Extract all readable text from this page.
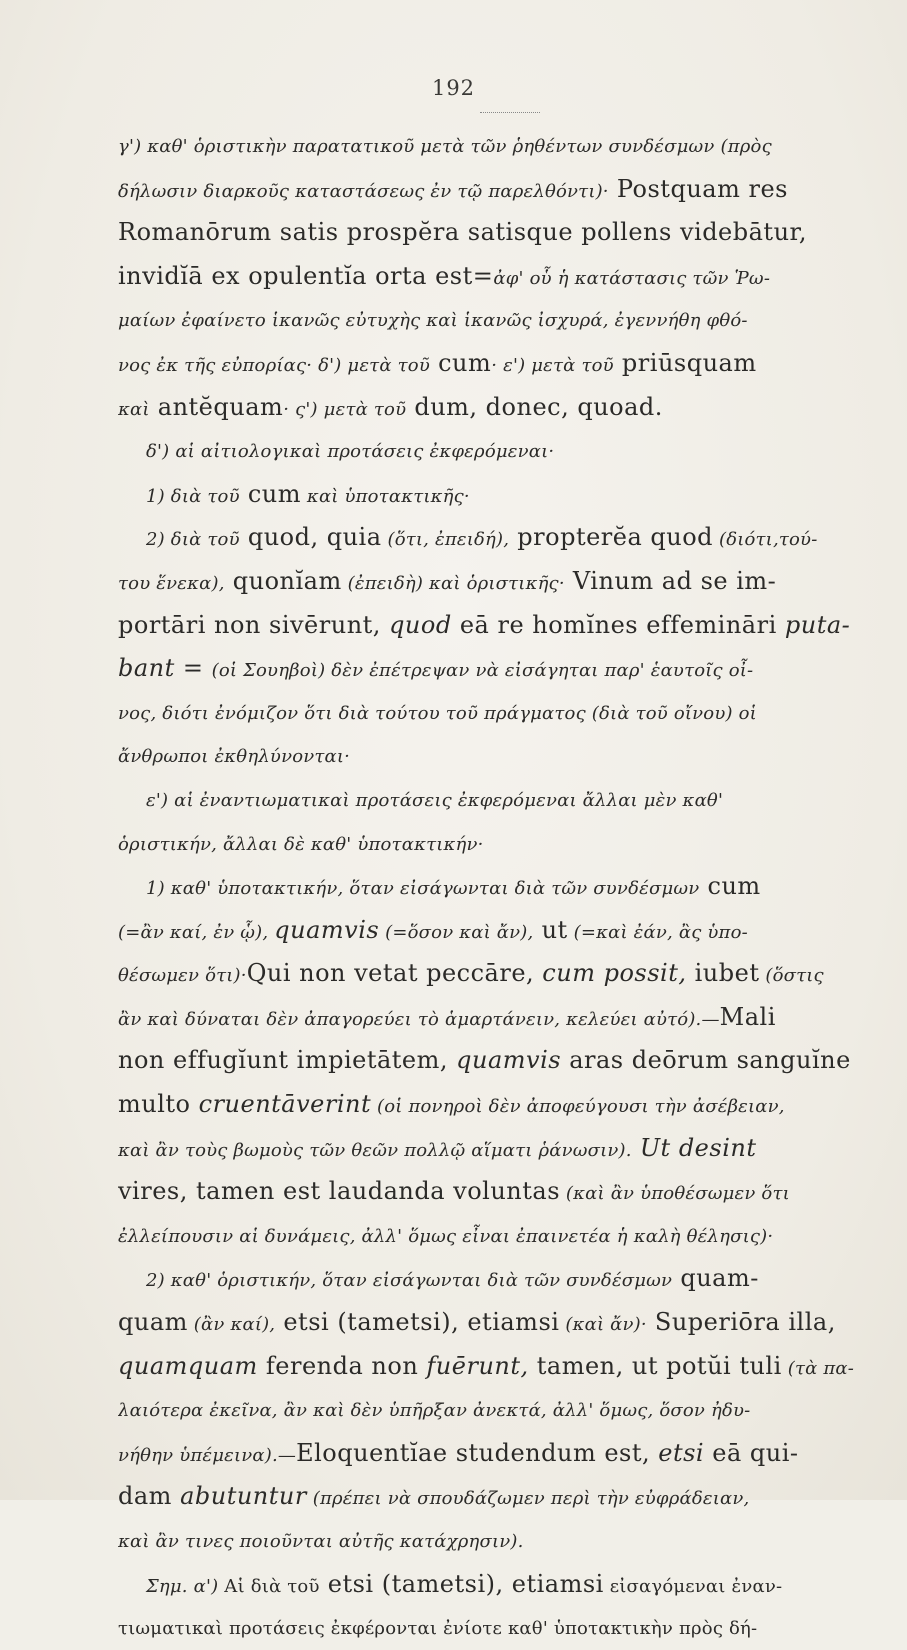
192
γ') καθ' ὁριστικὴν παρατατικοῦ μετὰ τῶν ῥηθέντων συνδέσμων (πρὸς
δήλωσιν διαρκοῦς καταστάσεως ἐν τῷ παρελθόντι)· Postquam res
Romanōrum satis prospĕra satisque pollens videbātur,
invidĭā ex opulentĭa orta est=ἀφ' οὗ ἡ κατάστασις τῶν Ῥω-
μαίων ἐφαίνετο ἱκανῶς εὐτυχὴς καὶ ἱκανῶς ἰσχυρά, ἐγεννήθη φθό-
νος ἐκ τῆς εὐπορίας· δ') μετὰ τοῦ cum· ε') μετὰ τοῦ priūsquam
καὶ antĕquam· ς') μετὰ τοῦ dum, donec, quoad.
δ') αἱ αἰτιολογικαὶ προτάσεις ἐκφερόμεναι·
1) διὰ τοῦ cum καὶ ὑποτακτικῆς·
2) διὰ τοῦ quod, quia (ὅτι, ἐπειδή), propterĕa quod (διότι,τού-
του ἕνεκα), quonĭam (ἐπειδὴ) καὶ ὁριστικῆς· Vinum ad se im-
portāri non sivērunt, quod eā re homĭnes effemināri puta-
bant = (οἱ Σουηβοὶ) δὲν ἐπέτρεψαν νὰ εἰσάγηται παρ' ἑαυτοῖς οἶ-
νος, διότι ἐνόμιζον ὅτι διὰ τούτου τοῦ πράγματος (διὰ τοῦ οἴνου) οἱ
ἄνθρωποι ἐκθηλύνονται·
ε') αἱ ἐναντιωματικαὶ προτάσεις ἐκφερόμεναι ἄλλαι μὲν καθ'
ὁριστικήν, ἄλλαι δὲ καθ' ὑποτακτικήν·
1) καθ' ὑποτακτικήν, ὅταν εἰσάγωνται διὰ τῶν συνδέσμων cum
(=ἂν καί, ἐν ᾧ), quamvis (=ὅσον καὶ ἄν), ut (=καὶ ἐάν, ἂς ὑπο-
θέσωμεν ὅτι)·Qui non vetat peccāre, cum possit, iubet (ὅστις
ἂν καὶ δύναται δὲν ἀπαγορεύει τὸ ἁμαρτάνειν, κελεύει αὐτό).—Mali
non effugĭunt impietātem, quamvis aras deōrum sanguĭne
multo cruentāverint (οἱ πονηροὶ δὲν ἀποφεύγουσι τὴν ἀσέβειαν,
καὶ ἂν τοὺς βωμοὺς τῶν θεῶν πολλῷ αἵματι ῥάνωσιν). Ut desint
vires, tamen est laudanda voluntas (καὶ ἂν ὑποθέσωμεν ὅτι
ἐλλείπουσιν αἱ δυνάμεις, ἀλλ' ὅμως εἶναι ἐπαινετέα ἡ καλὴ θέλησις)·
2) καθ' ὁριστικήν, ὅταν εἰσάγωνται διὰ τῶν συνδέσμων quam-
quam (ἂν καί), etsi (tametsi), etiamsi (καὶ ἄν)· Superiōra illa,
quamquam ferenda non fuērunt, tamen, ut potŭi tuli (τὰ πα-
λαιότερα ἐκεῖνα, ἂν καὶ δὲν ὑπῆρξαν ἀνεκτά, ἀλλ' ὅμως, ὅσον ἠδυ-
νήθην ὑπέμεινα).—Eloquentĭae studendum est, etsi eā qui-
dam abutuntur (πρέπει νὰ σπουδάζωμεν περὶ τὴν εὐφράδειαν,
καὶ ἂν τινες ποιοῦνται αὐτῆς κατάχρησιν).
Σημ. α') Αἱ διὰ τοῦ etsi (tametsi), etiamsi εἰσαγόμεναι ἐναν-
τιωματικαὶ προτάσεις ἐκφέρονται ἐνίοτε καθ' ὑποτακτικὴν πρὸς δή-
